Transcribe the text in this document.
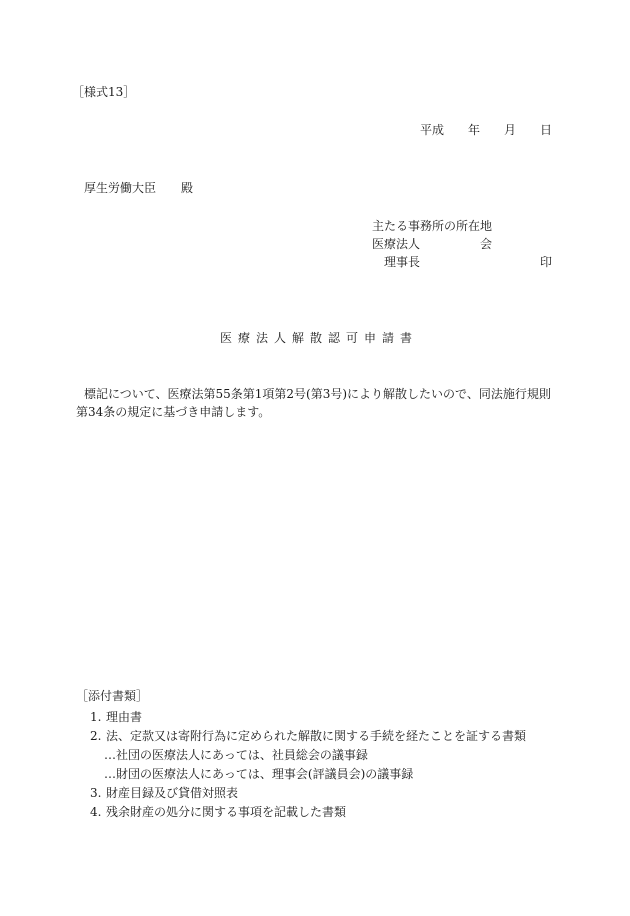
［様式13］
平成 年 月 日
厚生労働大臣 殿
主たる事務所の所在地
医療法人	会
理事長	印
医療法人解散認可申請書
標記について、医療法第55条第1項第2号(第3号)により解散したいので、同法施行規則
第34条の規定に基づき申請します。
［添付書類］
1. 理由書
2. 法、定款又は寄附行為に定められた解散に関する手続を経たことを証する書類
…社団の医療法人にあっては、社員総会の議事録
…財団の医療法人にあっては、理事会(評議員会)の議事録
3. 財産目録及び貸借対照表
4. 残余財産の処分に関する事項を記載した書類
